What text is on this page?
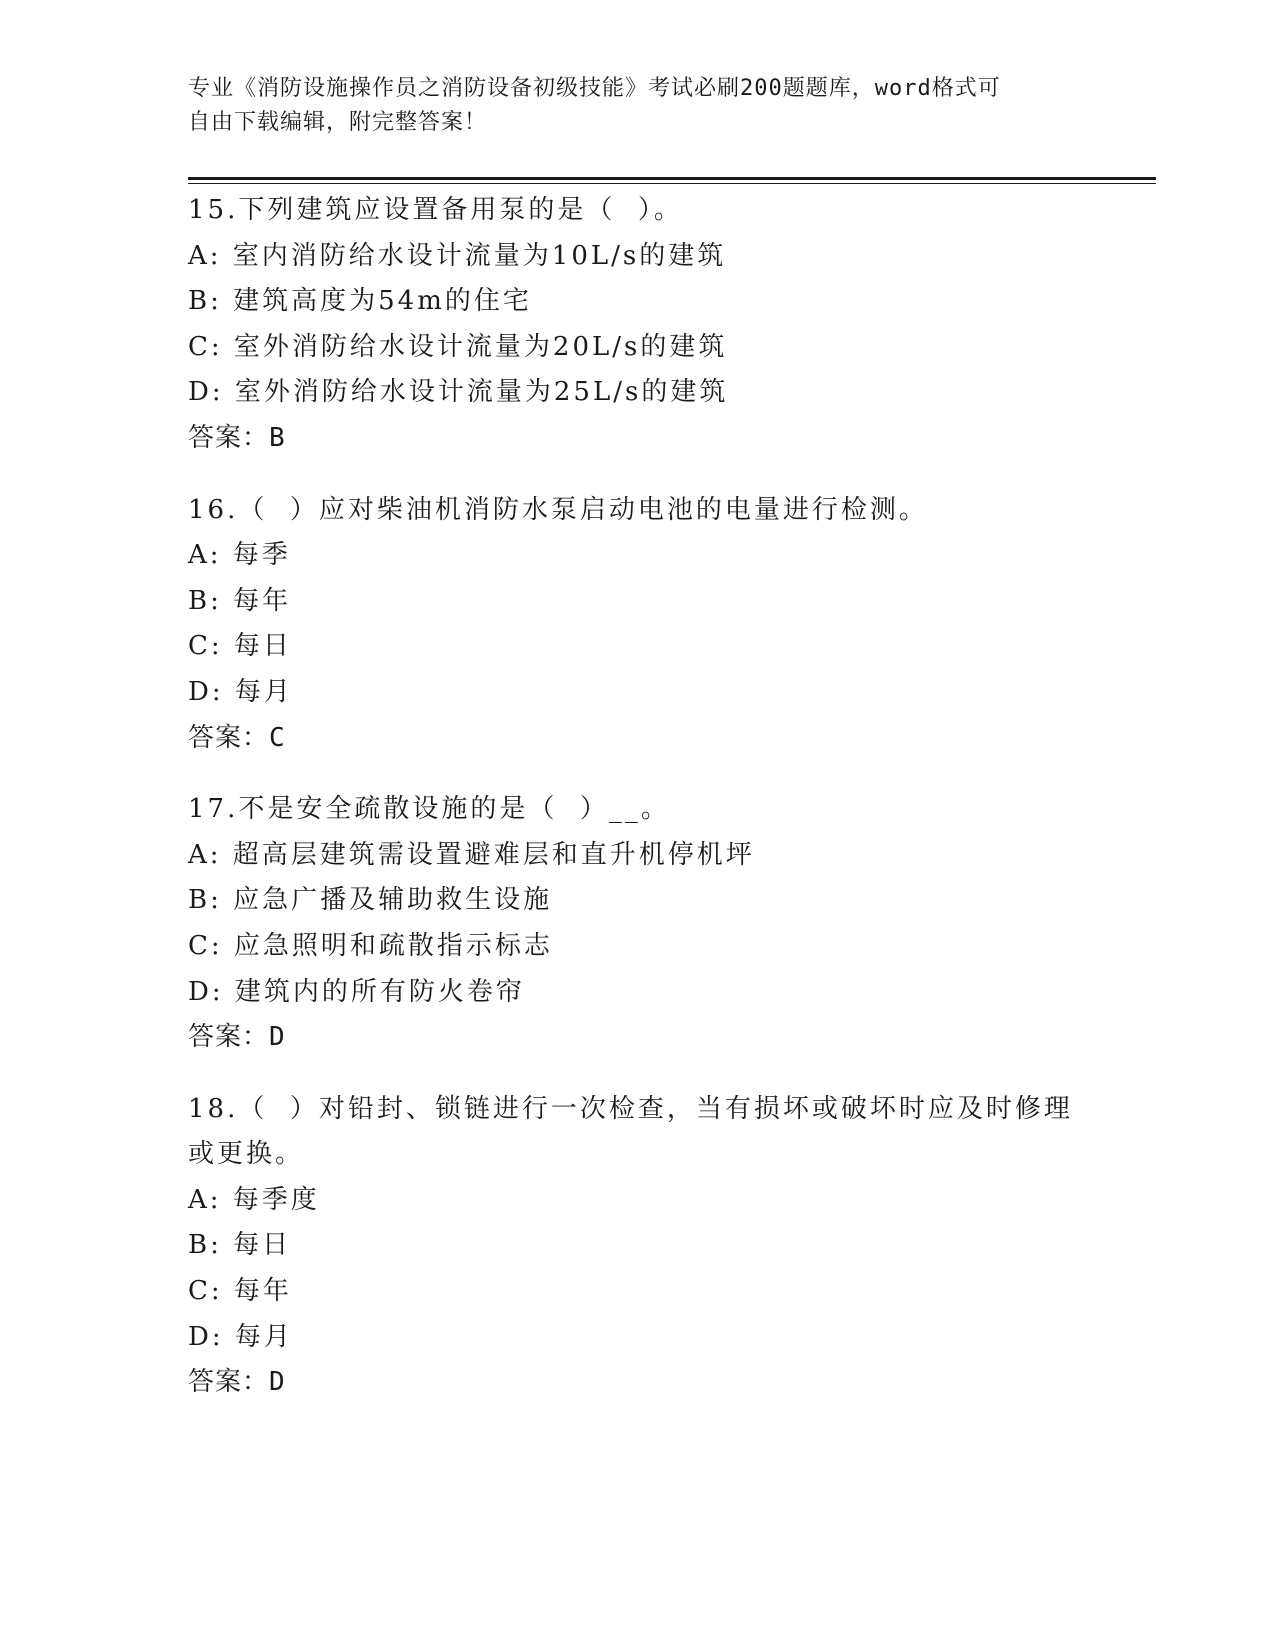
专业《消防设施操作员之消防设备初级技能》考试必刷200题题库，word格式可
自由下载编辑，附完整答案！
15.下列建筑应设置备用泵的是（  ）。
A: 室内消防给水设计流量为10L/s的建筑
B: 建筑高度为54m的住宅
C: 室外消防给水设计流量为20L/s的建筑
D: 室外消防给水设计流量为25L/s的建筑
答案：B
16.（  ）应对柴油机消防水泵启动电池的电量进行检测。
A: 每季
B: 每年
C: 每日
D: 每月
答案：C
17.不是安全疏散设施的是（  ）__。
A: 超高层建筑需设置避难层和直升机停机坪
B: 应急广播及辅助救生设施
C: 应急照明和疏散指示标志
D: 建筑内的所有防火卷帘
答案：D
18.（  ）对铅封、锁链进行一次检查，当有损坏或破坏时应及时修理或更换。
A: 每季度
B: 每日
C: 每年
D: 每月
答案：D
